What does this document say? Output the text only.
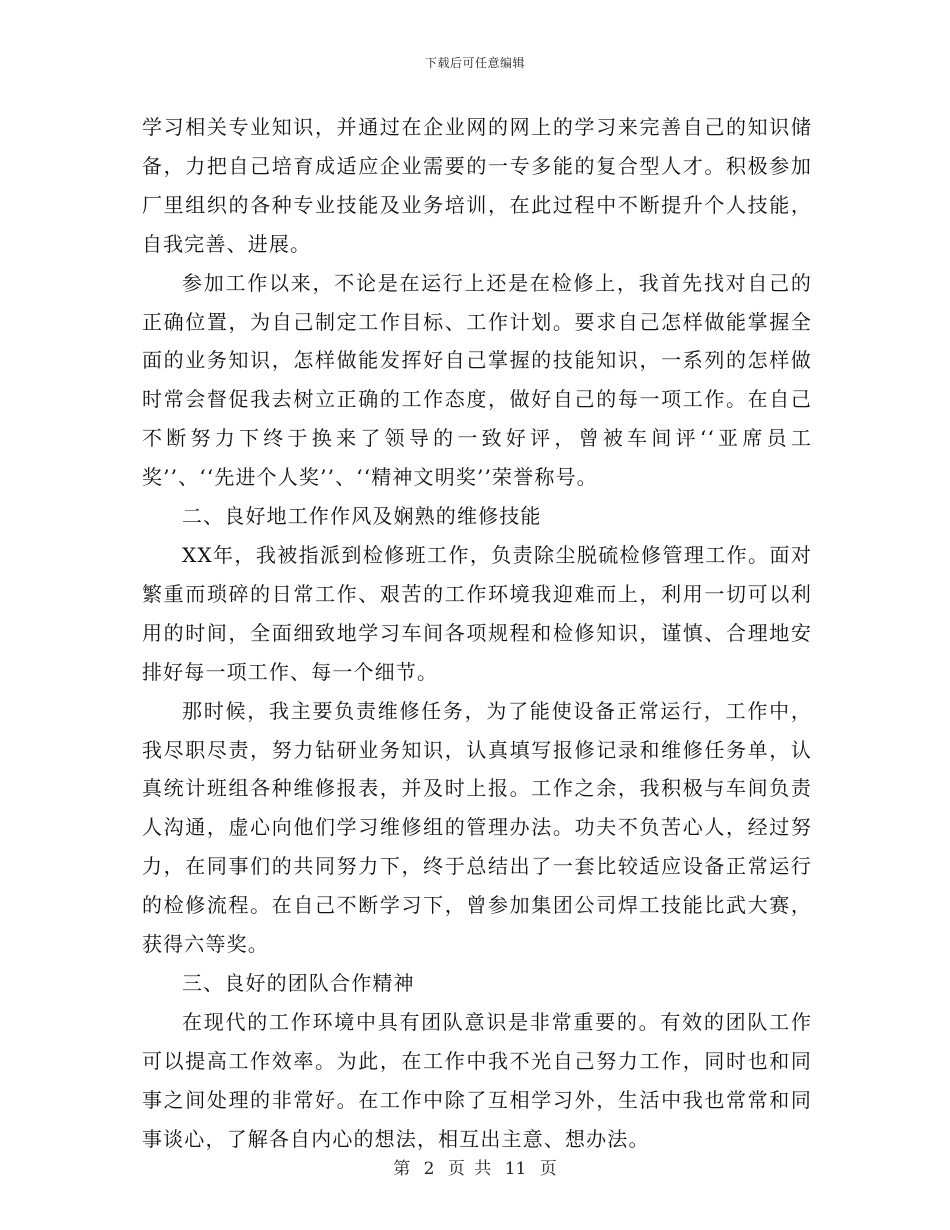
下载后可任意编辑

学习相关专业知识，并通过在企业网的网上的学习来完善自己的知识储备，力把自己培育成适应企业需要的一专多能的复合型人才。积极参加厂里组织的各种专业技能及业务培训，在此过程中不断提升个人技能，自我完善、进展。

参加工作以来，不论是在运行上还是在检修上，我首先找对自己的正确位置，为自己制定工作目标、工作计划。要求自己怎样做能掌握全面的业务知识，怎样做能发挥好自己掌握的技能知识，一系列的怎样做时常会督促我去树立正确的工作态度，做好自己的每一项工作。在自己不断努力下终于换来了领导的一致好评，曾被车间评‘‘亚席员工奖’’、‘‘先进个人奖’’、‘‘精神文明奖’’荣誉称号。

二、良好地工作作风及娴熟的维修技能

XX年，我被指派到检修班工作，负责除尘脱硫检修管理工作。面对繁重而琐碎的日常工作、艰苦的工作环境我迎难而上，利用一切可以利用的时间，全面细致地学习车间各项规程和检修知识，谨慎、合理地安排好每一项工作、每一个细节。

那时候，我主要负责维修任务，为了能使设备正常运行，工作中，我尽职尽责，努力钻研业务知识，认真填写报修记录和维修任务单，认真统计班组各种维修报表，并及时上报。工作之余，我积极与车间负责人沟通，虚心向他们学习维修组的管理办法。功夫不负苦心人，经过努力，在同事们的共同努力下，终于总结出了一套比较适应设备正常运行的检修流程。在自己不断学习下，曾参加集团公司焊工技能比武大赛，获得六等奖。

三、良好的团队合作精神

在现代的工作环境中具有团队意识是非常重要的。有效的团队工作可以提高工作效率。为此，在工作中我不光自己努力工作，同时也和同事之间处理的非常好。在工作中除了互相学习外，生活中我也常常和同事谈心，了解各自内心的想法，相互出主意、想办法。

第 2 页 共 11 页
